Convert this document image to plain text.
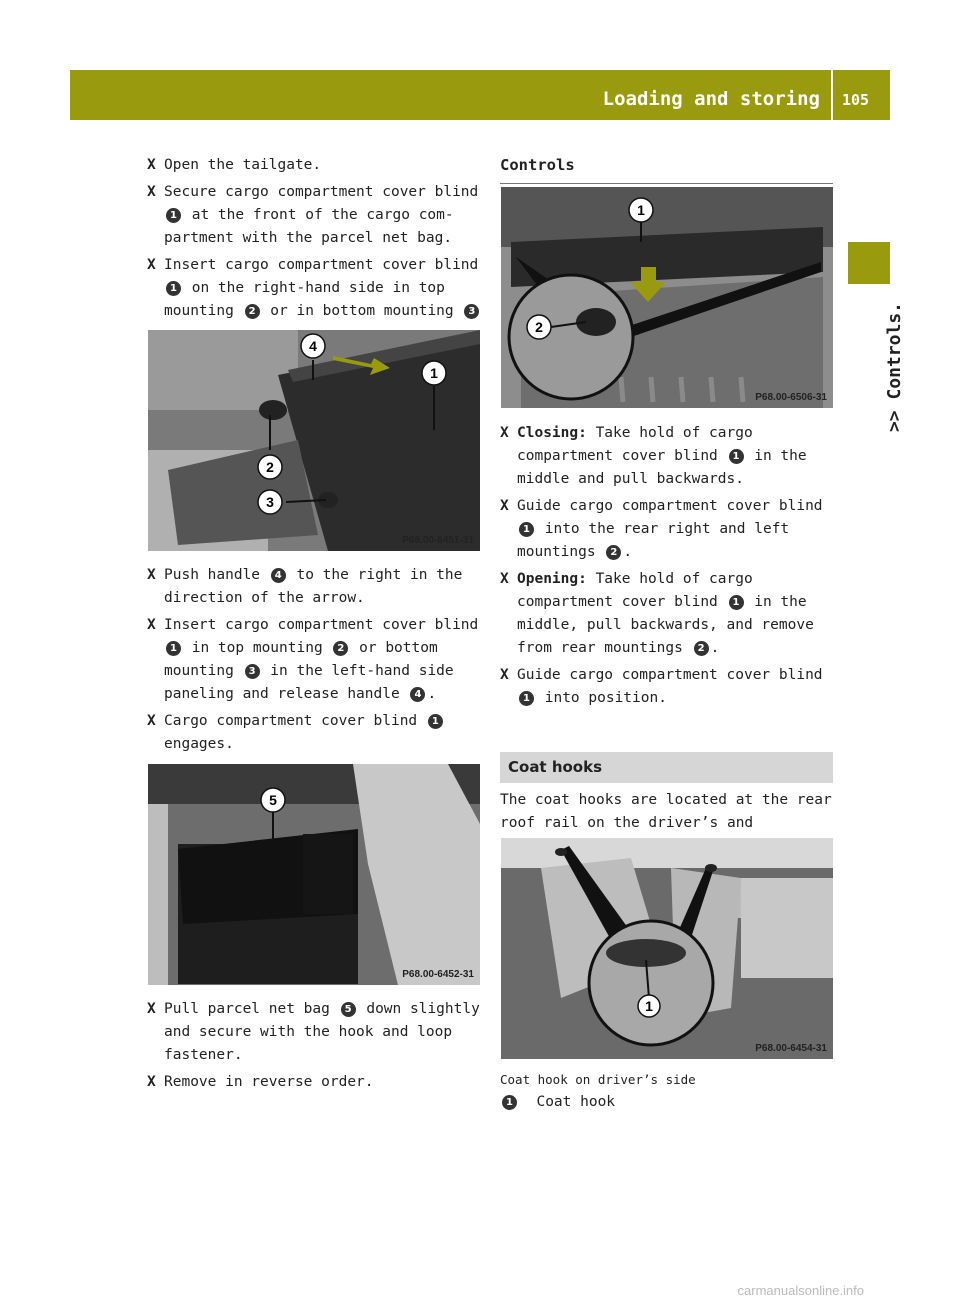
Loading and storing 105
>> Controls.
X Open the tailgate.
X Secure cargo compartment cover blind 1 at the front of the cargo compartment with the parcel net bag.
X Insert cargo compartment cover blind 1 on the right-hand side in top mounting 2 or in bottom mounting 3
4
1
2
3
P68.00-6451-31
X Push handle 4 to the right in the direction of the arrow.
X Insert cargo compartment cover blind 1 in top mounting 2 or bottom mounting 3 in the left-hand side paneling and release handle 4 .
X Cargo compartment cover blind 1 engages.
5
P68.00-6452-31
X Pull parcel net bag 5 down slightly and secure with the hook and loop fastener.
X Remove in reverse order.
Controls
1
2
P68.00-6506-31
X Closing: Take hold of cargo compartment cover blind 1 in the middle and pull backwards.
X Guide cargo compartment cover blind 1 into the rear right and left mountings 2 .
X Opening: Take hold of cargo compartment cover blind 1 in the middle, pull backwards, and remove from rear mountings 2 .
X Guide cargo compartment cover blind 1 into position.
Coat hooks
The coat hooks are located at the rear roof rail on the driver’s and
1
P68.00-6454-31
Coat hook on driver’s side
1 Coat hook
carmanualsonline.info
